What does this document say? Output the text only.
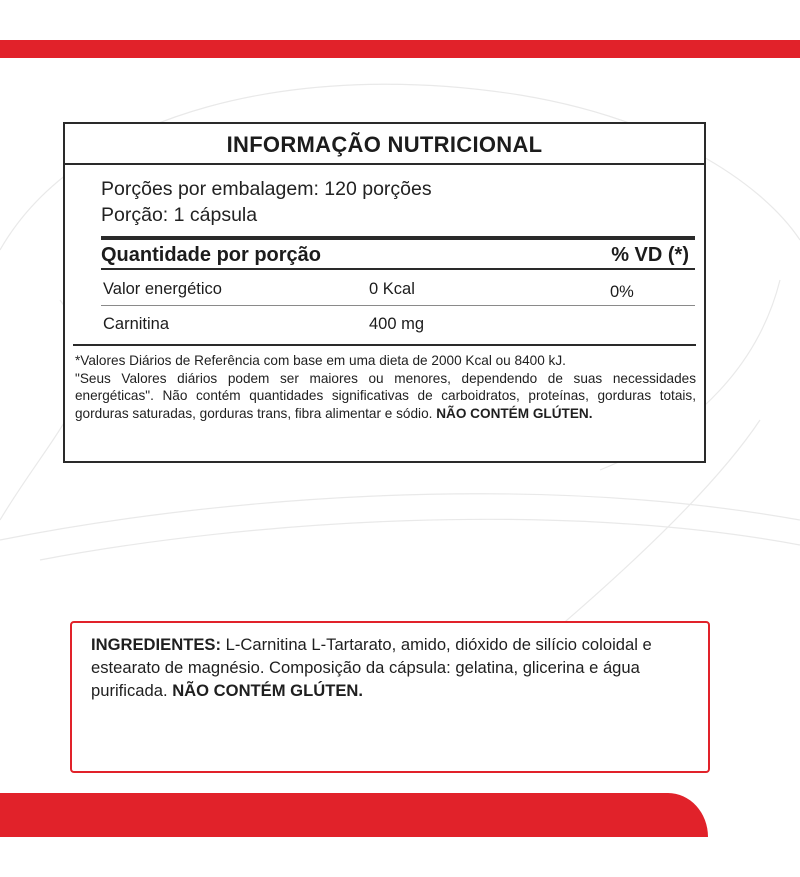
INFORMAÇÃO NUTRICIONAL
Porções por embalagem: 120 porções
Porção: 1 cápsula
Quantidade por porção	% VD (*)
Valor energético	0 Kcal	0%
Carnitina	400 mg

*Valores Diários de Referência com base em uma dieta de 2000 Kcal ou 8400 kJ.

"Seus Valores diários podem ser maiores ou menores, dependendo de suas necessidades energéticas". Não contém quantidades significativas de carboidratos, proteínas, gorduras totais, gorduras saturadas, gorduras trans, fibra alimentar e sódio. NÃO CONTÉM GLÚTEN.

INGREDIENTES: L-Carnitina L-Tartarato, amido, dióxido de silício coloidal e estearato de magnésio. Composição da cápsula: gelatina, glicerina e água purificada. NÃO CONTÉM GLÚTEN.
